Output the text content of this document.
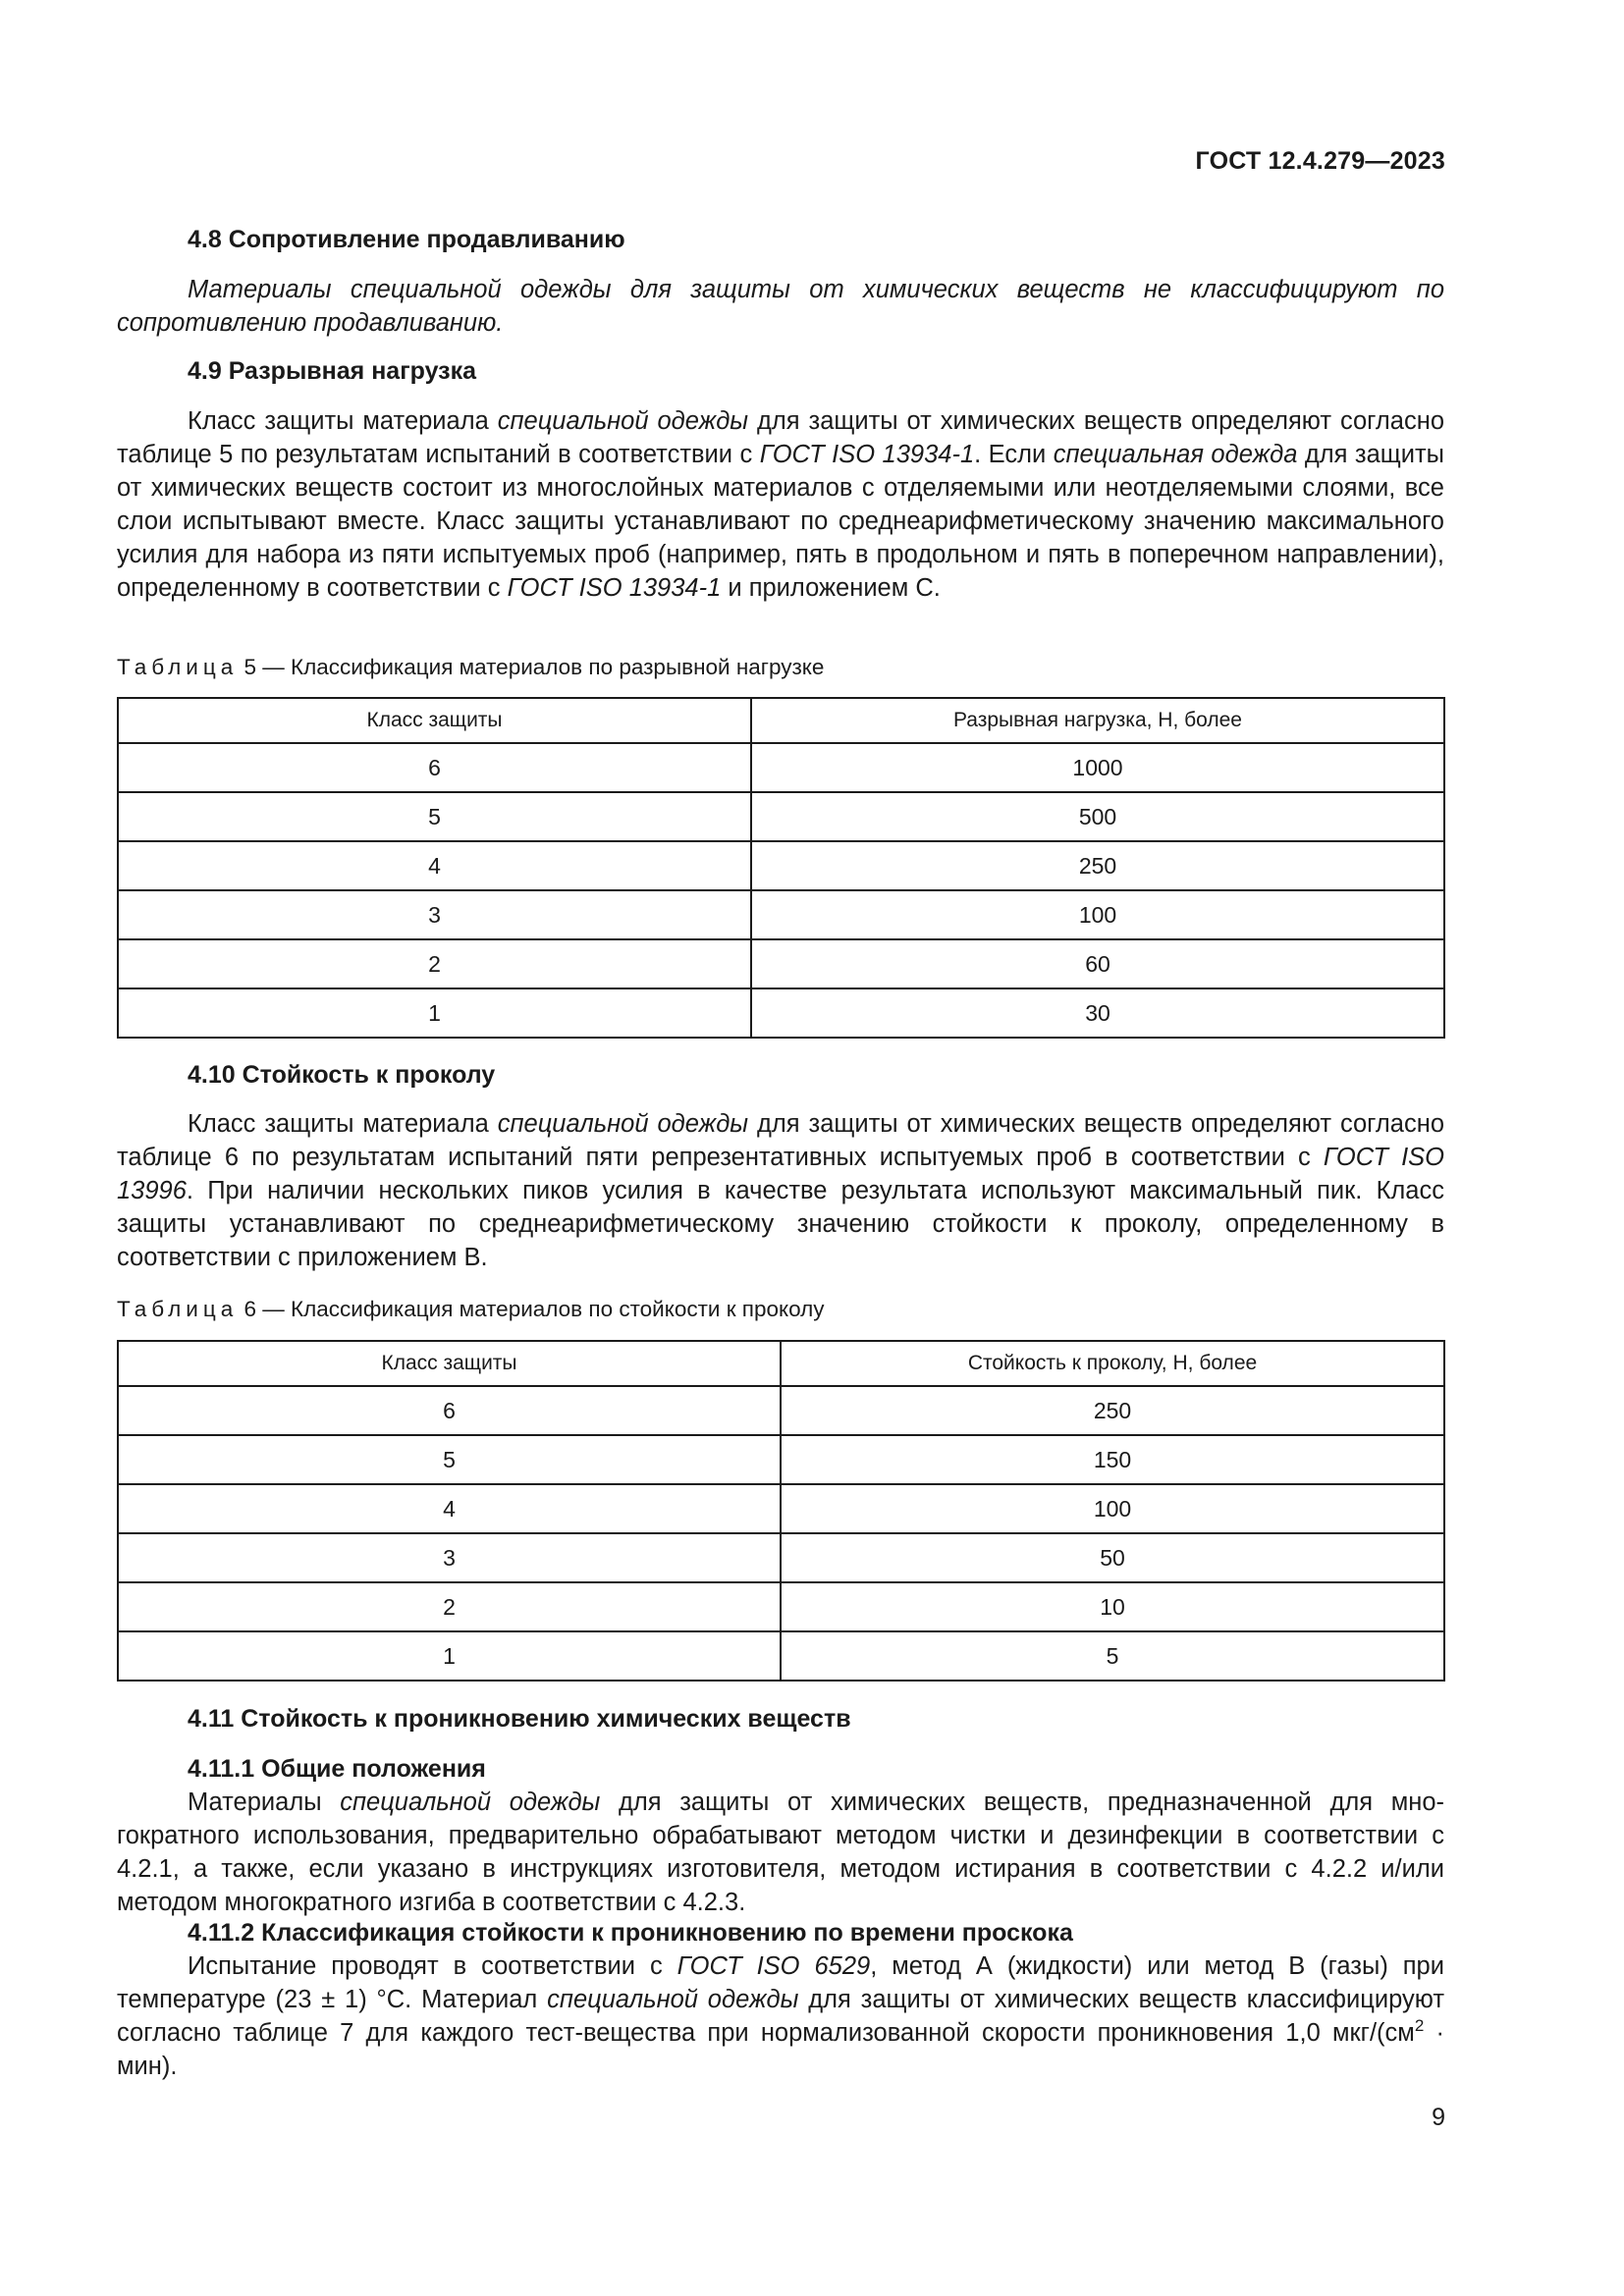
ГОСТ 12.4.279—2023
4.8 Сопротивление продавливанию
Материалы специальной одежды для защиты от химических веществ не классифицируют по сопротивлению продавливанию.
4.9 Разрывная нагрузка
Класс защиты материала специальной одежды для защиты от химических веществ определяют согласно таблице 5 по результатам испытаний в соответствии с ГОСТ ISO 13934-1. Если специальная одежда для защиты от химических веществ состоит из многослойных материалов с отделяемыми или неотделяемыми слоями, все слои испытывают вместе. Класс защиты устанавливают по среднеарифметическому значению максимального усилия для набора из пяти испытуемых проб (например, пять в продольном и пять в поперечном направлении), определенному в соответствии с ГОСТ ISO 13934-1 и приложением С.
Таблица 5 — Классификация материалов по разрывной нагрузке
Класс защиты	Разрывная нагрузка, Н, более
6	1000
5	500
4	250
3	100
2	60
1	30
4.10 Стойкость к проколу
Класс защиты материала специальной одежды для защиты от химических веществ определяют согласно таблице 6 по результатам испытаний пяти репрезентативных испытуемых проб в соответствии с ГОСТ ISO 13996. При наличии нескольких пиков усилия в качестве результата используют максимальный пик. Класс защиты устанавливают по среднеарифметическому значению стойкости к проколу, определенному в соответствии с приложением В.
Таблица 6 — Классификация материалов по стойкости к проколу
Класс защиты	Стойкость к проколу, Н, более
6	250
5	150
4	100
3	50
2	10
1	5
4.11 Стойкость к проникновению химических веществ
4.11.1 Общие положения
Материалы специальной одежды для защиты от химических веществ, предназначенной для многократного использования, предварительно обрабатывают методом чистки и дезинфекции в соответствии с 4.2.1, а также, если указано в инструкциях изготовителя, методом истирания в соответствии с 4.2.2 и/или методом многократного изгиба в соответствии с 4.2.3.
4.11.2 Классификация стойкости к проникновению по времени проскока
Испытание проводят в соответствии с ГОСТ ISO 6529, метод А (жидкости) или метод В (газы) при температуре (23 ± 1) °С. Материал специальной одежды для защиты от химических веществ классифицируют согласно таблице 7 для каждого тест-вещества при нормализованной скорости проникновения 1,0 мкг/$(см^2 \cdot мин)$.
9
